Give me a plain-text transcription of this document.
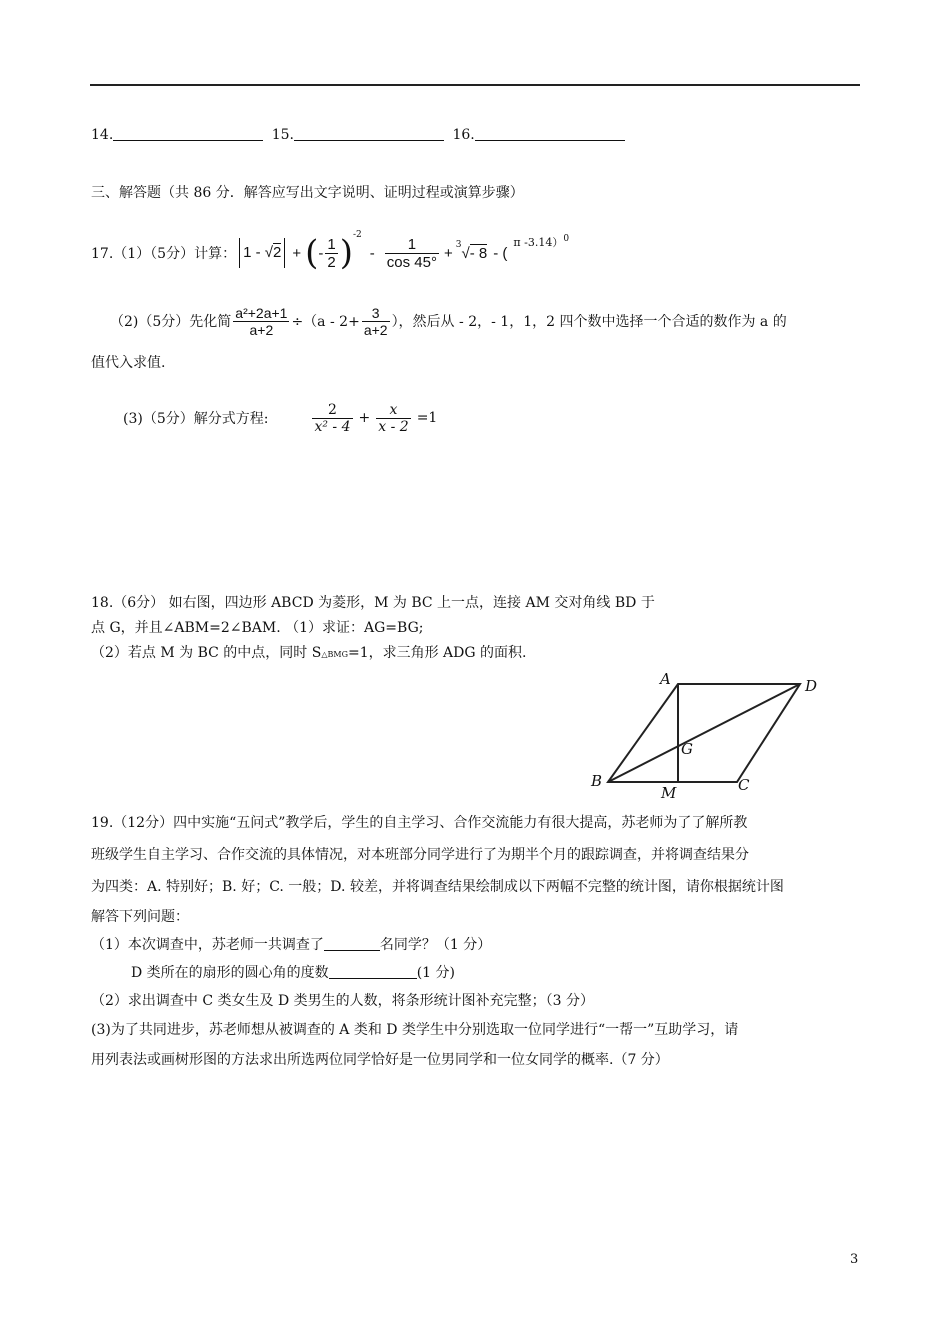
14.	15.	16.
三、解答题（共 86 分．解答应写出文字说明、证明过程或演算步骤）
17.（1）（5分）计算： 1 - √2 + ( - $\frac{1}{2} )^{-2}$
- $\frac{1}{\cos 45^\circ} + ^3$ √ - 8 - (
π -3.14）$^0$
（2)（5分）先化简 $\frac{\text{a²+2a+1}}{a+2} \div(a - 2+ \frac{3}{a+2}$ ），然后从 - 2，- 1，1，2 四个数中选择一个合适的数作为 a 的
值代入求值.
(3)（5分）解分式方程:	$\frac{2}{\text{x² - 4}} + \frac{x}{x - 2} =1$
18.（6分） 如右图，四边形 ABCD 为菱形，M 为 BC 上一点，连接 AM 交对角线 BD 于
点 G，并且∠ABM=2∠BAM. （1）求证：AG=BG;
（2）若点 M 为 BC 的中点，同时 S△BMG=1，求三角形 ADG 的面积.
A	D
G
B	C
M
19.（12分）四中实施“五问式”教学后，学生的自主学习、合作交流能力有很大提高，苏老师为了了解所教
班级学生自主学习、合作交流的具体情况，对本班部分同学进行了为期半个月的跟踪调查，并将调查结果分
为四类：A. 特别好；B. 好；C. 一般；D. 较差，并将调查结果绘制成以下两幅不完整的统计图，请你根据统计图
解答下列问题：
（1）本次调查中，苏老师一共调查了	名同学？（1 分）
D 类所在的扇形的圆心角的度数	(1 分)
（2）求出调查中 C 类女生及 D 类男生的人数，将条形统计图补充完整；（3 分）
(3)为了共同进步，苏老师想从被调查的 A 类和 D 类学生中分别选取一位同学进行“一帮一”互助学习，请
用列表法或画树形图的方法求出所选两位同学恰好是一位男同学和一位女同学的概率.（7 分）
3
